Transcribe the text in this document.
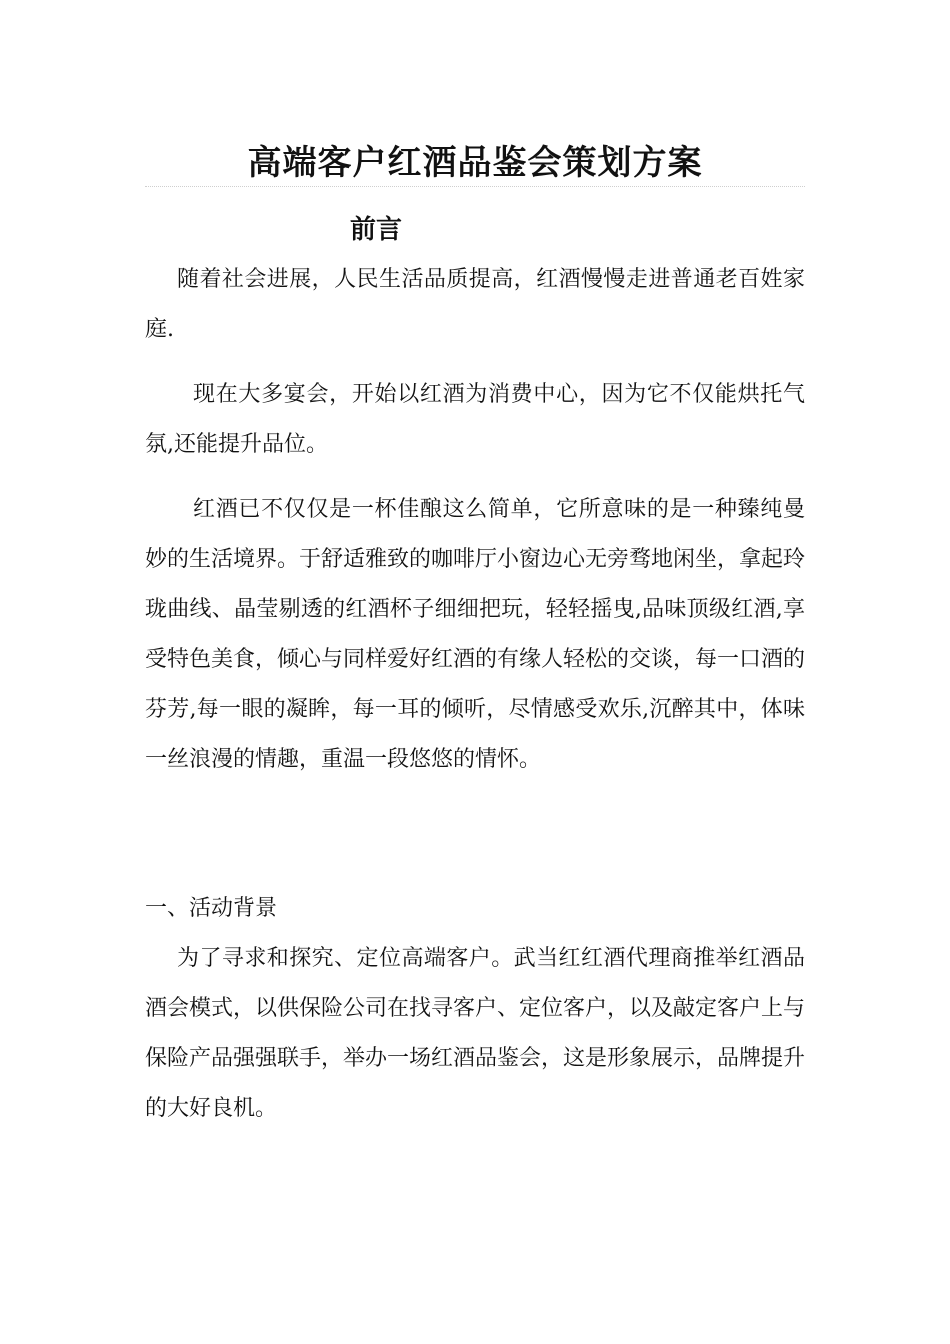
高端客户红酒品鉴会策划方案
前言

随着社会进展，人民生活品质提高，红酒慢慢走进普通老百姓家庭.

现在大多宴会，开始以红酒为消费中心，因为它不仅能烘托气氛,还能提升品位。

红酒已不仅仅是一杯佳酿这么简单，它所意味的是一种臻纯曼妙的生活境界。于舒适雅致的咖啡厅小窗边心无旁骛地闲坐，拿起玲珑曲线、晶莹剔透的红酒杯子细细把玩，轻轻摇曳,品味顶级红酒,享受特色美食，倾心与同样爱好红酒的有缘人轻松的交谈，每一口酒的芬芳,每一眼的凝眸，每一耳的倾听，尽情感受欢乐,沉醉其中，体味一丝浪漫的情趣，重温一段悠悠的情怀。

一、活动背景

为了寻求和探究、定位高端客户。武当红红酒代理商推举红酒品酒会模式，以供保险公司在找寻客户、定位客户，以及敲定客户上与保险产品强强联手，举办一场红酒品鉴会，这是形象展示，品牌提升的大好良机。
